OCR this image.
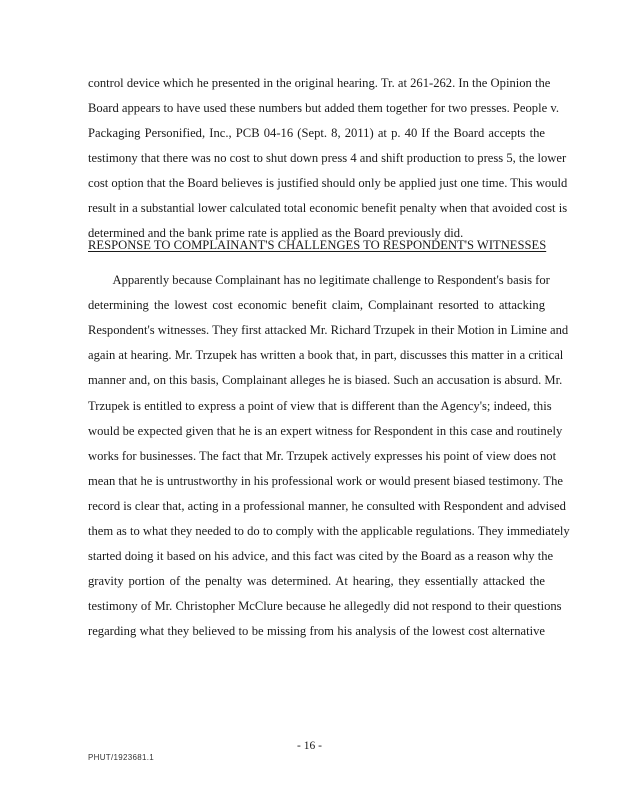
control device which he presented in the original hearing. Tr. at 261-262. In the Opinion the
Board appears to have used these numbers but added them together for two presses. People v.
Packaging Personified, Inc., PCB 04-16 (Sept. 8, 2011) at p. 40 If the Board accepts the
testimony that there was no cost to shut down press 4 and shift production to press 5, the lower
cost option that the Board believes is justified should only be applied just one time. This would
result in a substantial lower calculated total economic benefit penalty when that avoided cost is
determined and the bank prime rate is applied as the Board previously did.
RESPONSE TO COMPLAINANT'S CHALLENGES TO RESPONDENT'S WITNESSES
Apparently because Complainant has no legitimate challenge to Respondent's basis for
determining the lowest cost economic benefit claim, Complainant resorted to attacking
Respondent's witnesses. They first attacked Mr. Richard Trzupek in their Motion in Limine and
again at hearing. Mr. Trzupek has written a book that, in part, discusses this matter in a critical
manner and, on this basis, Complainant alleges he is biased. Such an accusation is absurd. Mr.
Trzupek is entitled to express a point of view that is different than the Agency's; indeed, this
would be expected given that he is an expert witness for Respondent in this case and routinely
works for businesses. The fact that Mr. Trzupek actively expresses his point of view does not
mean that he is untrustworthy in his professional work or would present biased testimony. The
record is clear that, acting in a professional manner, he consulted with Respondent and advised
them as to what they needed to do to comply with the applicable regulations. They immediately
started doing it based on his advice, and this fact was cited by the Board as a reason why the
gravity portion of the penalty was determined. At hearing, they essentially attacked the
testimony of Mr. Christopher McClure because he allegedly did not respond to their questions
regarding what they believed to be missing from his analysis of the lowest cost alternative
- 16 -
PHUT/1923681.1
